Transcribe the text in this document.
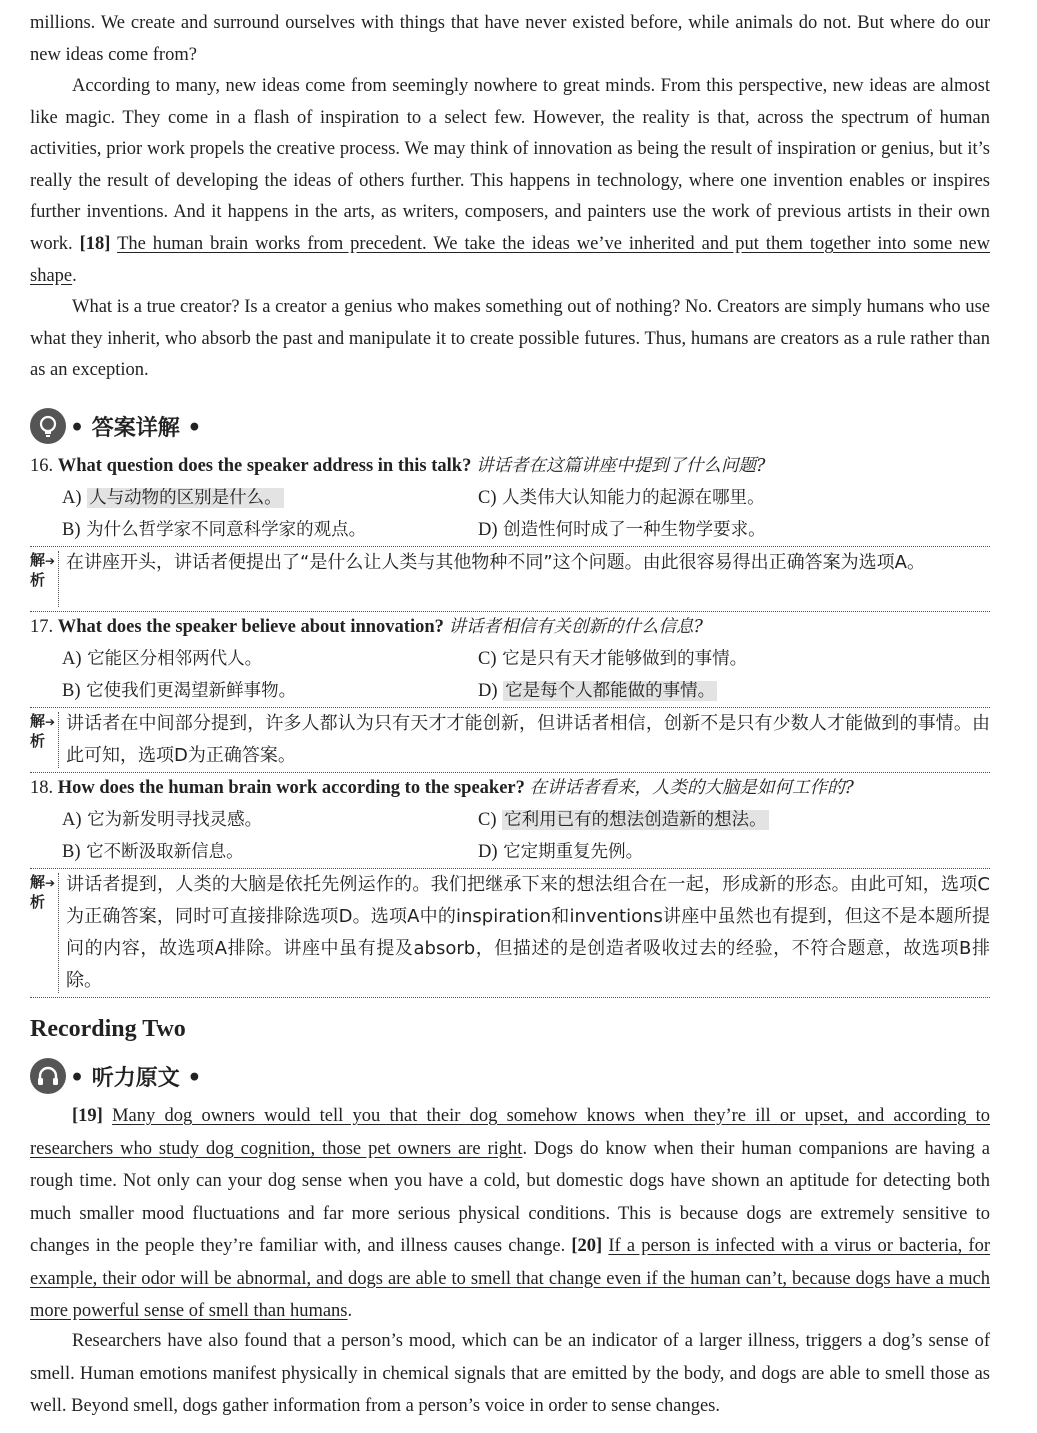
millions. We create and surround ourselves with things that have never existed before, while animals do not. But where do our new ideas come from?

According to many, new ideas come from seemingly nowhere to great minds. From this perspective, new ideas are almost like magic. They come in a flash of inspiration to a select few. However, the reality is that, across the spectrum of human activities, prior work propels the creative process. We may think of innovation as being the result of inspiration or genius, but it’s really the result of developing the ideas of others further. This happens in technology, where one invention enables or inspires further inventions. And it happens in the arts, as writers, composers, and painters use the work of previous artists in their own work. [18] The human brain works from precedent. We take the ideas we’ve inherited and put them together into some new shape.

What is a true creator? Is a creator a genius who makes something out of nothing? No. Creators are simply humans who use what they inherit, who absorb the past and manipulate it to create possible futures. Thus, humans are creators as a rule rather than as an exception.

• 答案详解 •
16. What question does the speaker address in this talk? 讲话者在这篇讲座中提到了什么问题?
A) 人与动物的区别是什么。	C) 人类伟大认知能力的起源在哪里。
B) 为什么哲学家不同意科学家的观点。	D) 创造性何时成了一种生物学要求。
解➔
析
在讲座开头，讲话者便提出了“是什么让人类与其他物种不同”这个问题。由此很容易得出正确答案为选项A。
17. What does the speaker believe about innovation? 讲话者相信有关创新的什么信息?
A) 它能区分相邻两代人。	C) 它是只有天才能够做到的事情。
B) 它使我们更渴望新鲜事物。	D) 它是每个人都能做的事情。
解➔
析
讲话者在中间部分提到，许多人都认为只有天才才能创新，但讲话者相信，创新不是只有少数人才能做到的事情。由此可知，选项D为正确答案。
18. How does the human brain work according to the speaker? 在讲话者看来，人类的大脑是如何工作的?
A) 它为新发明寻找灵感。	C) 它利用已有的想法创造新的想法。
B) 它不断汲取新信息。	D) 它定期重复先例。
解➔
析
讲话者提到，人类的大脑是依托先例运作的。我们把继承下来的想法组合在一起，形成新的形态。由此可知，选项C为正确答案，同时可直接排除选项D。选项A中的inspiration和inventions讲座中虽然也有提到，但这不是本题所提问的内容，故选项A排除。讲座中虽有提及absorb，但描述的是创造者吸收过去的经验，不符合题意，故选项B排除。
Recording Two
• 听力原文 •

[19] Many dog owners would tell you that their dog somehow knows when they’re ill or upset, and according to researchers who study dog cognition, those pet owners are right. Dogs do know when their human companions are having a rough time. Not only can your dog sense when you have a cold, but domestic dogs have shown an aptitude for detecting both much smaller mood fluctuations and far more serious physical conditions. This is because dogs are extremely sensitive to changes in the people they’re familiar with, and illness causes change. [20] If a person is infected with a virus or bacteria, for example, their odor will be abnormal, and dogs are able to smell that change even if the human can’t, because dogs have a much more powerful sense of smell than humans.

Researchers have also found that a person’s mood, which can be an indicator of a larger illness, triggers a dog’s sense of smell. Human emotions manifest physically in chemical signals that are emitted by the body, and dogs are able to smell those as well. Beyond smell, dogs gather information from a person’s voice in order to sense changes.
